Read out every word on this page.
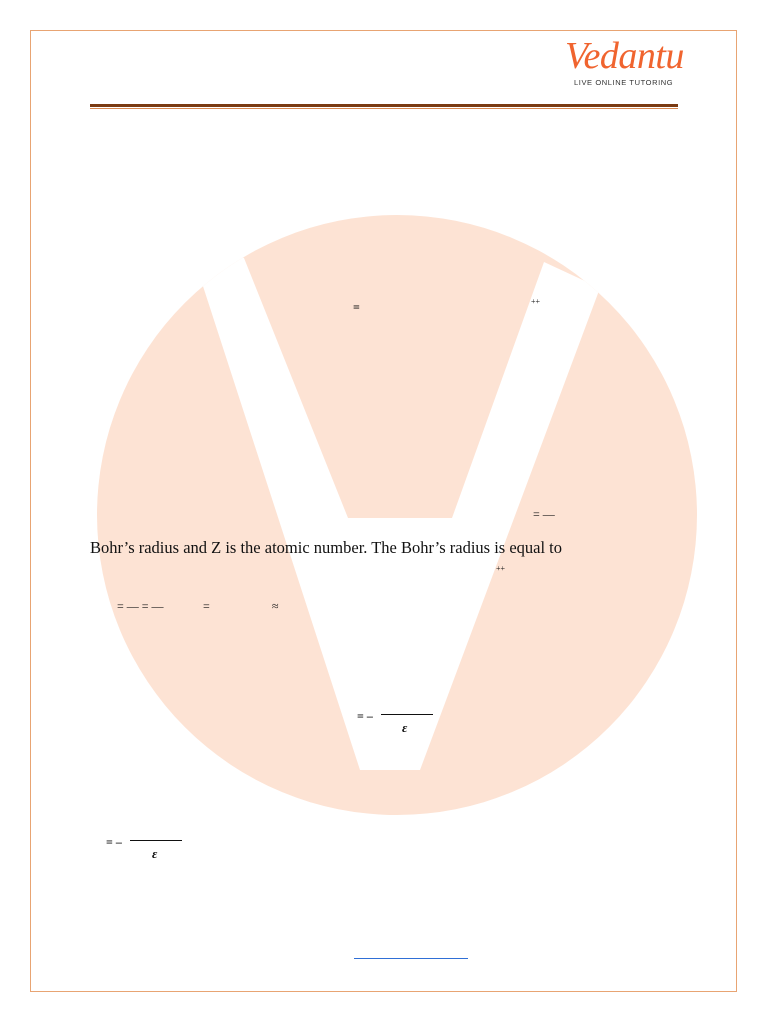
Vedantu
LIVE ONLINE TUTORING
=	++
= —
Bohr’s radius and Z is the atomic number. The Bohr’s radius is equal to
++
= — = —	=	≈
= –
ε
= –
ε
